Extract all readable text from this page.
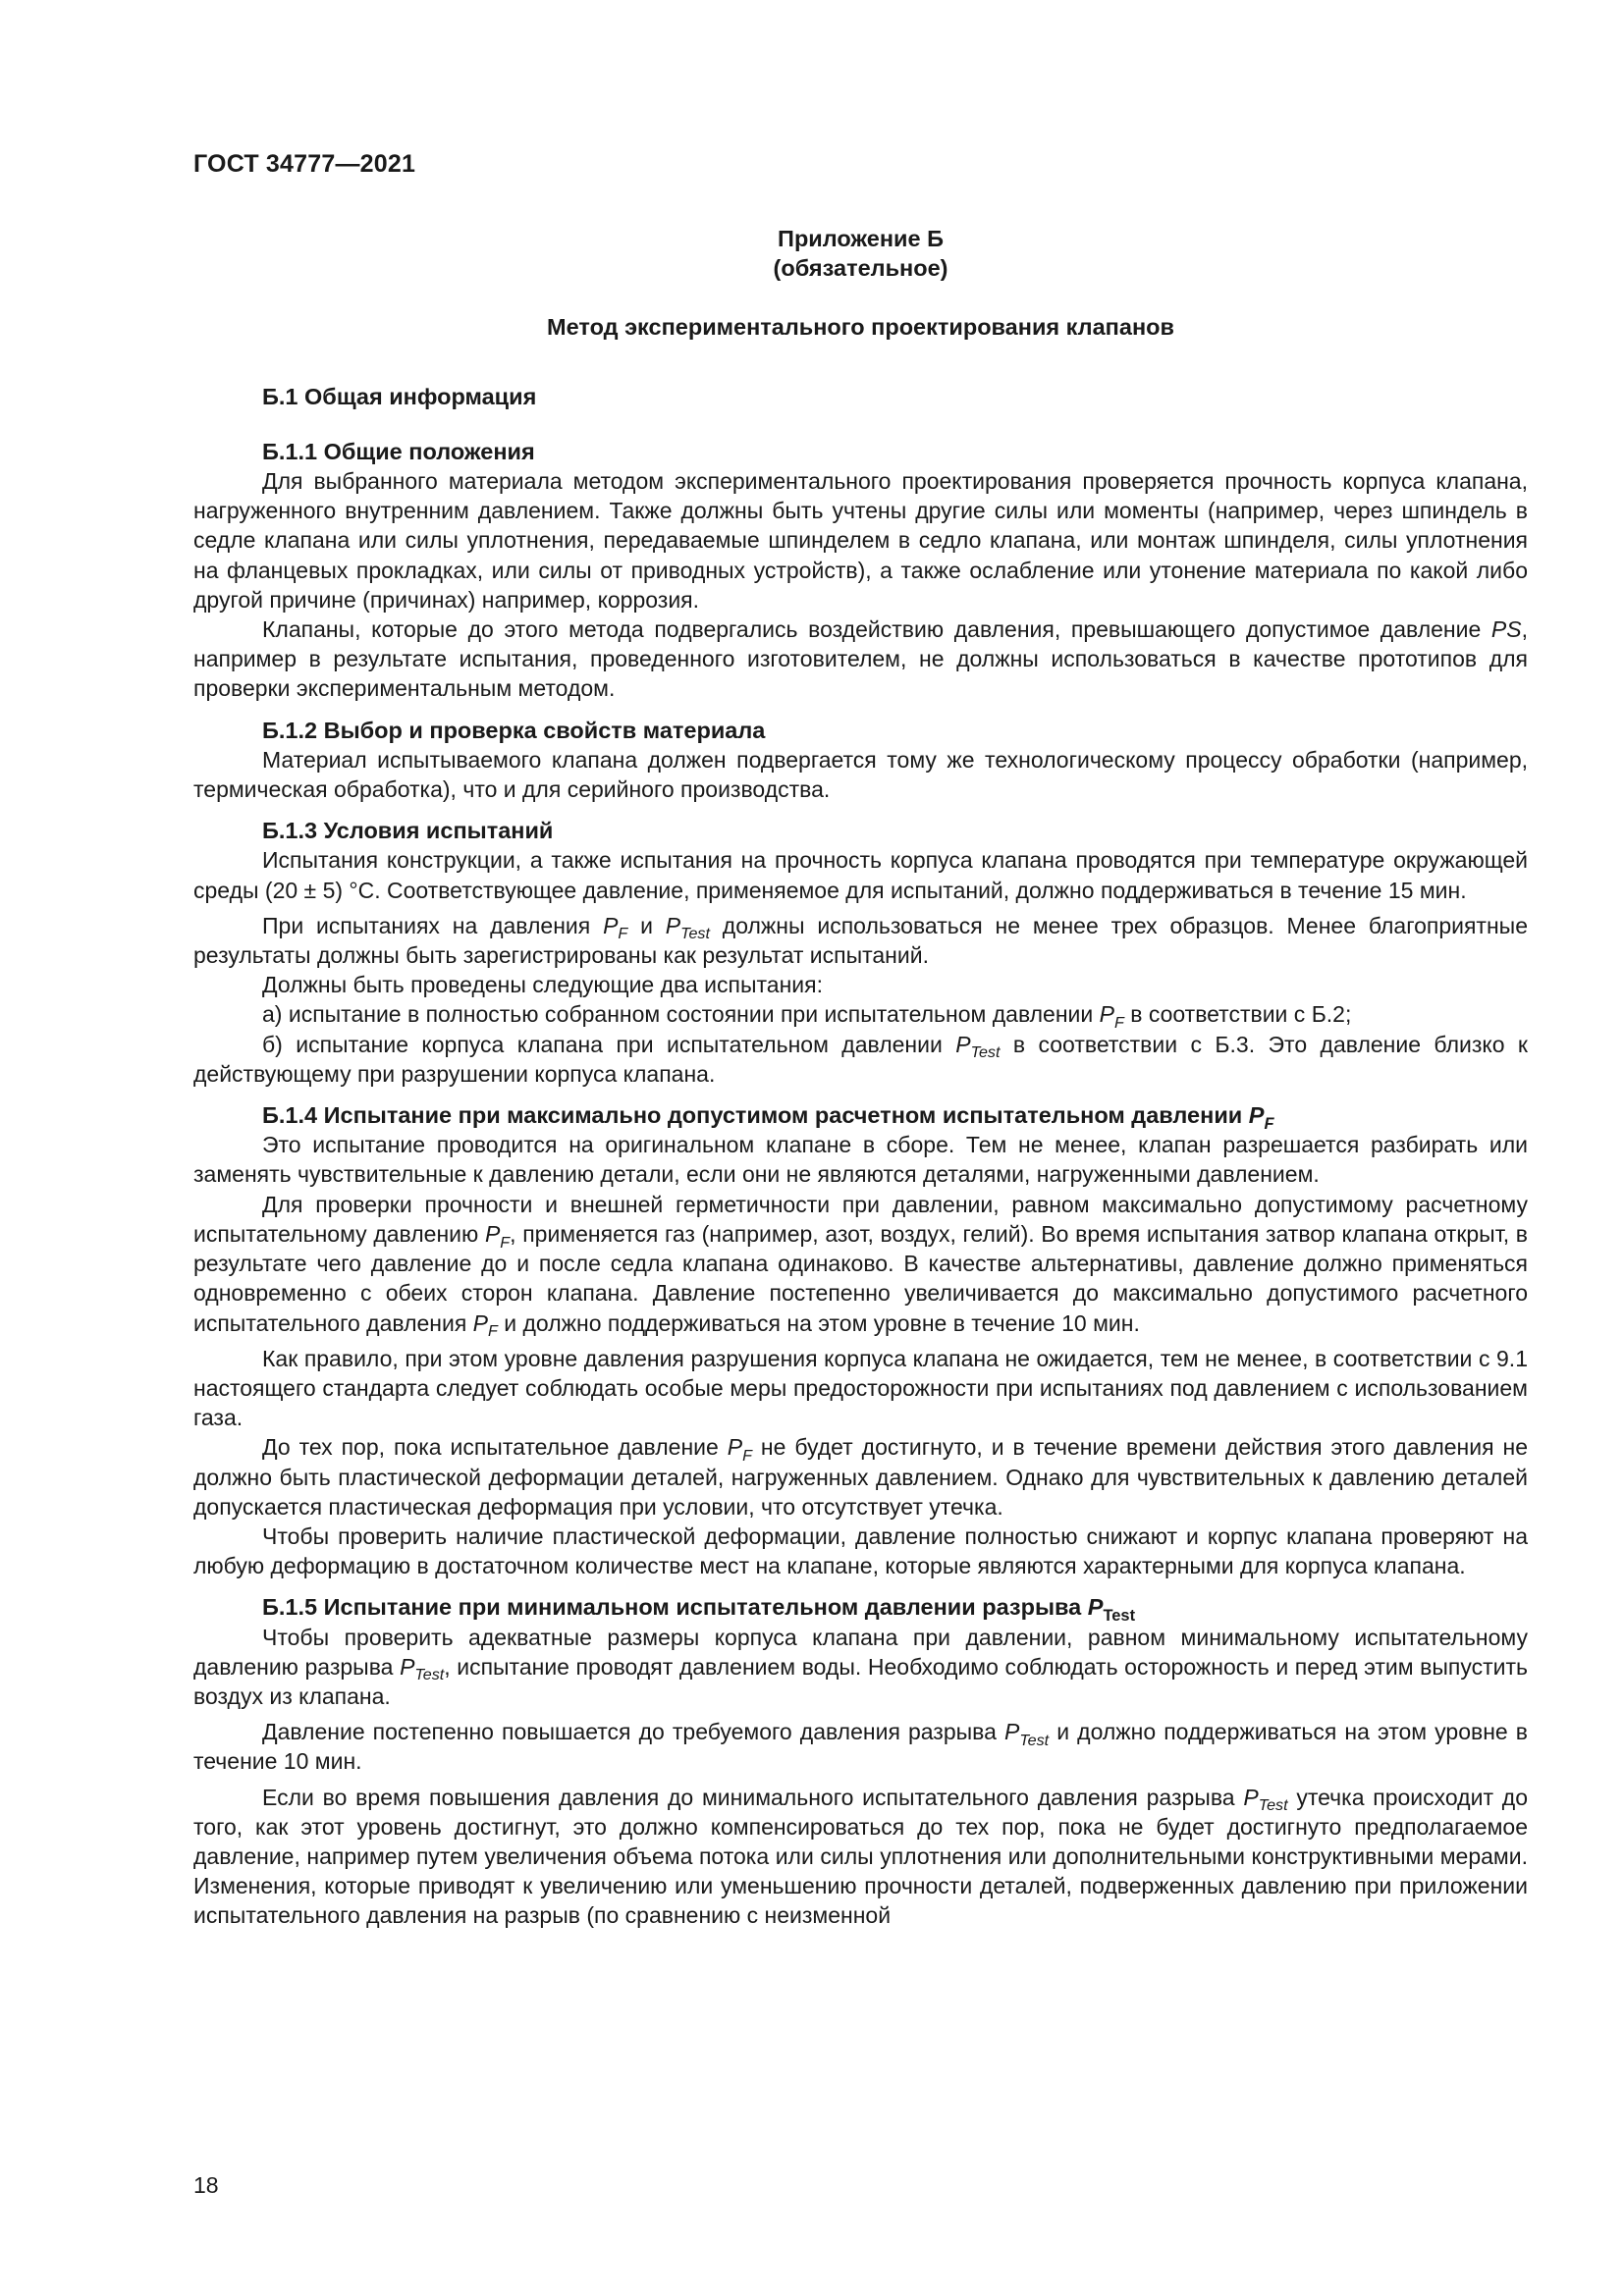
ГОСТ 34777—2021
Приложение Б
(обязательное)
Метод экспериментального проектирования клапанов
Б.1 Общая информация
Б.1.1 Общие положения

Для выбранного материала методом экспериментального проектирования проверяется прочность корпуса клапана, нагруженного внутренним давлением. Также должны быть учтены другие силы или моменты (например, через шпиндель в седле клапана или силы уплотнения, передаваемые шпинделем в седло клапана, или монтаж шпинделя, силы уплотнения на фланцевых прокладках, или силы от приводных устройств), а также ослабление или утонение материала по какой либо другой причине (причинах) например, коррозия.

Клапаны, которые до этого метода подвергались воздействию давления, превышающего допустимое давление PS, например в результате испытания, проведенного изготовителем, не должны использоваться в качестве прототипов для проверки экспериментальным методом.

Б.1.2 Выбор и проверка свойств материала

Материал испытываемого клапана должен подвергается тому же технологическому процессу обработки (например, термическая обработка), что и для серийного производства.

Б.1.3 Условия испытаний

Испытания конструкции, а также испытания на прочность корпуса клапана проводятся при температуре окружающей среды (20 ± 5) °С. Соответствующее давление, применяемое для испытаний, должно поддерживаться в течение 15 мин.

При испытаниях на давления $P_F$ и $P_{Test}$ должны использоваться не менее трех образцов. Менее благоприятные результаты должны быть зарегистрированы как результат испытаний.

Должны быть проведены следующие два испытания:

а) испытание в полностью собранном состоянии при испытательном давлении $P_F$ в соответствии с Б.2;

б) испытание корпуса клапана при испытательном давлении $P_{Test}$ в соответствии с Б.3. Это давление близко к действующему при разрушении корпуса клапана.

Б.1.4 Испытание при максимально допустимом расчетном испытательном давлении $P_F$

Это испытание проводится на оригинальном клапане в сборе. Тем не менее, клапан разрешается разбирать или заменять чувствительные к давлению детали, если они не являются деталями, нагруженными давлением.

Для проверки прочности и внешней герметичности при давлении, равном максимально допустимому расчетному испытательному давлению $P_F$, применяется газ (например, азот, воздух, гелий). Во время испытания затвор клапана открыт, в результате чего давление до и после седла клапана одинаково. В качестве альтернативы, давление должно применяться одновременно с обеих сторон клапана. Давление постепенно увеличивается до максимально допустимого расчетного испытательного давления $P_F$ и должно поддерживаться на этом уровне в течение 10 мин.

Как правило, при этом уровне давления разрушения корпуса клапана не ожидается, тем не менее, в соответствии с 9.1 настоящего стандарта следует соблюдать особые меры предосторожности при испытаниях под давлением с использованием газа.

До тех пор, пока испытательное давление $P_F$ не будет достигнуто, и в течение времени действия этого давления не должно быть пластической деформации деталей, нагруженных давлением. Однако для чувствительных к давлению деталей допускается пластическая деформация при условии, что отсутствует утечка.

Чтобы проверить наличие пластической деформации, давление полностью снижают и корпус клапана проверяют на любую деформацию в достаточном количестве мест на клапане, которые являются характерными для корпуса клапана.

Б.1.5 Испытание при минимальном испытательном давлении разрыва $P_{Test}$

Чтобы проверить адекватные размеры корпуса клапана при давлении, равном минимальному испытательному давлению разрыва $P_{Test}$, испытание проводят давлением воды. Необходимо соблюдать осторожность и перед этим выпустить воздух из клапана.

Давление постепенно повышается до требуемого давления разрыва $P_{Test}$ и должно поддерживаться на этом уровне в течение 10 мин.

Если во время повышения давления до минимального испытательного давления разрыва $P_{Test}$ утечка происходит до того, как этот уровень достигнут, это должно компенсироваться до тех пор, пока не будет достигнуто предполагаемое давление, например путем увеличения объема потока или силы уплотнения или дополнительными конструктивными мерами. Изменения, которые приводят к увеличению или уменьшению прочности деталей, подверженных давлению при приложении испытательного давления на разрыв (по сравнению с неизменной

18
